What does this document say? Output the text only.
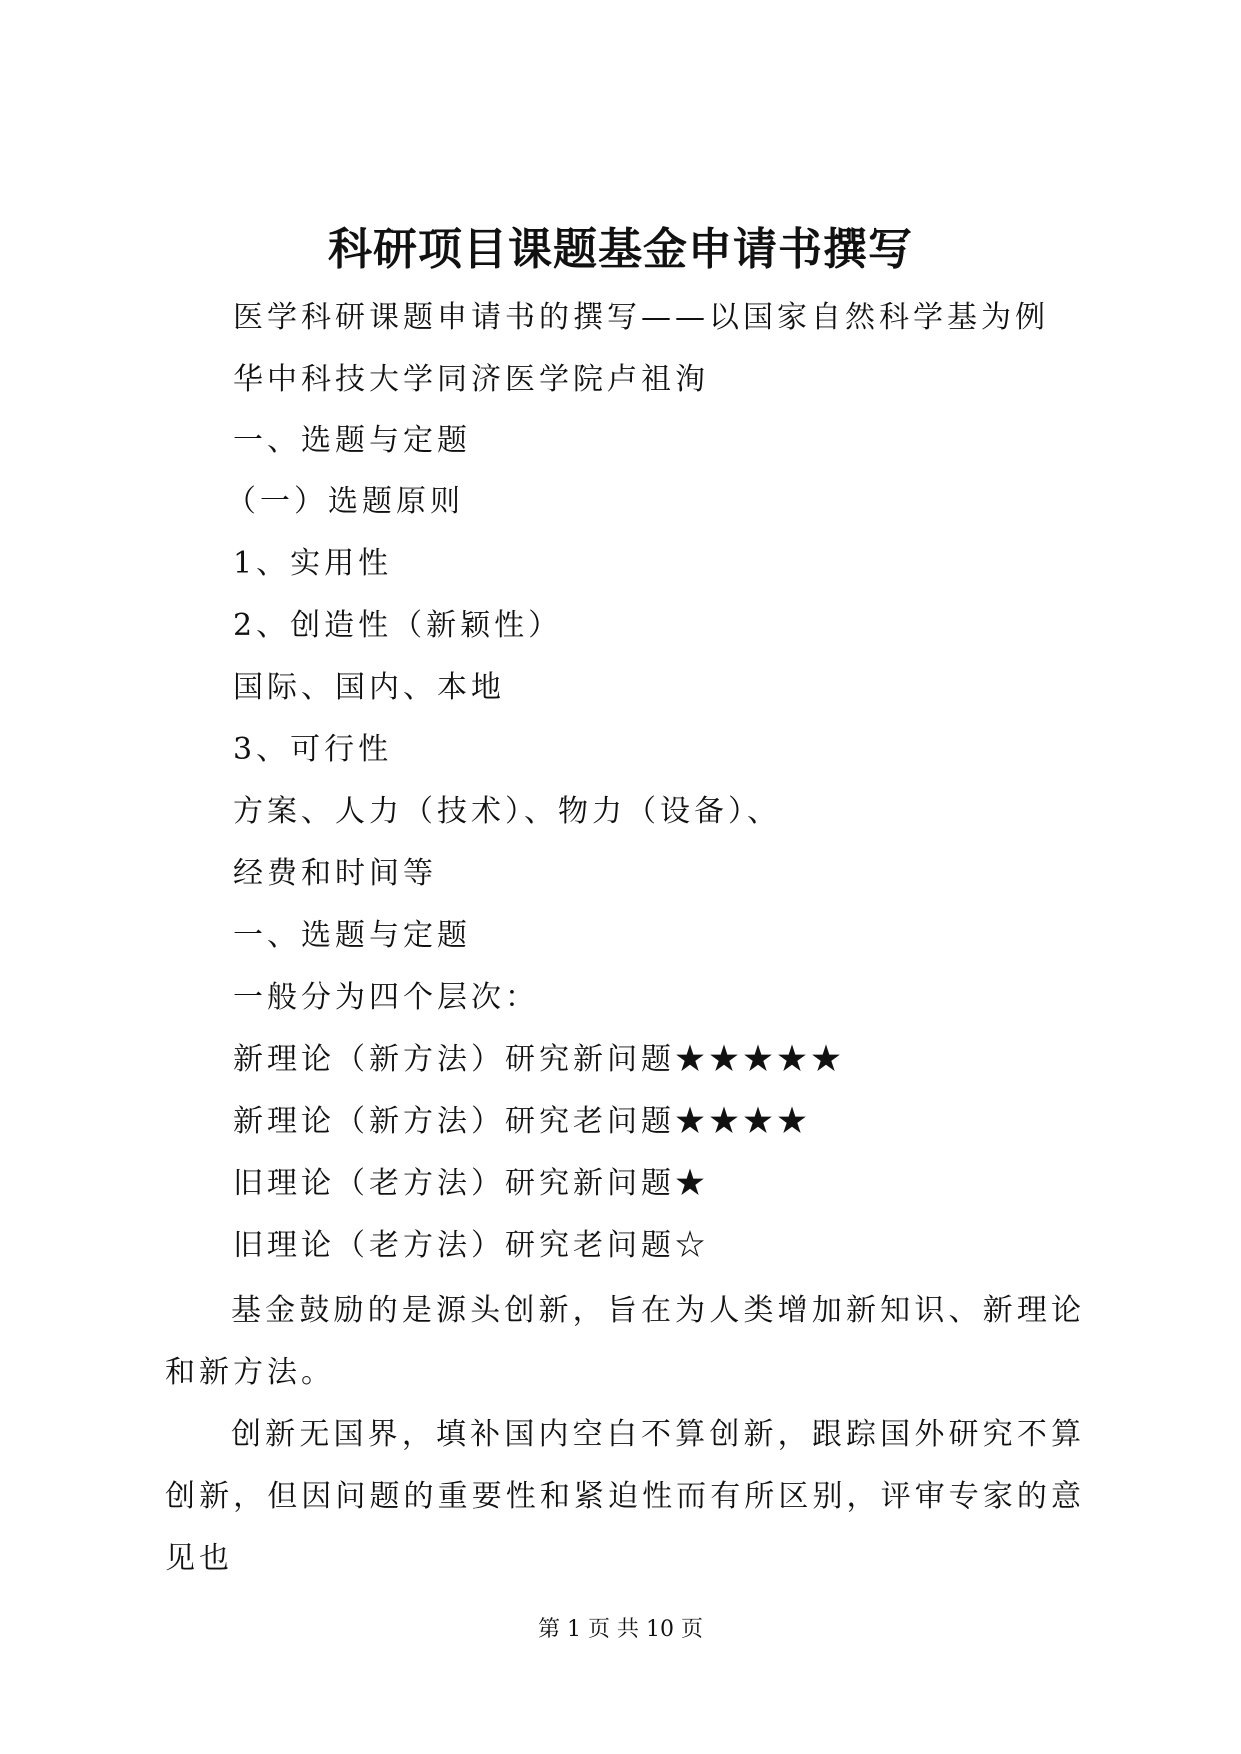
科研项目课题基金申请书撰写
医学科研课题申请书的撰写——以国家自然科学基为例
华中科技大学同济医学院卢祖洵
一、选题与定题
（一）选题原则
1、实用性
2、创造性（新颖性）
国际、国内、本地
3、可行性
方案、人力（技术）、物力（设备）、
经费和时间等
一、选题与定题
一般分为四个层次：
新理论（新方法）研究新问题★★★★★
新理论（新方法）研究老问题★★★★
旧理论（老方法）研究新问题★
旧理论（老方法）研究老问题☆

基金鼓励的是源头创新，旨在为人类增加新知识、新理论和新方法。

创新无国界，填补国内空白不算创新，跟踪国外研究不算创新，但因问题的重要性和紧迫性而有所区别，评审专家的意见也

第 1 页 共 10 页
